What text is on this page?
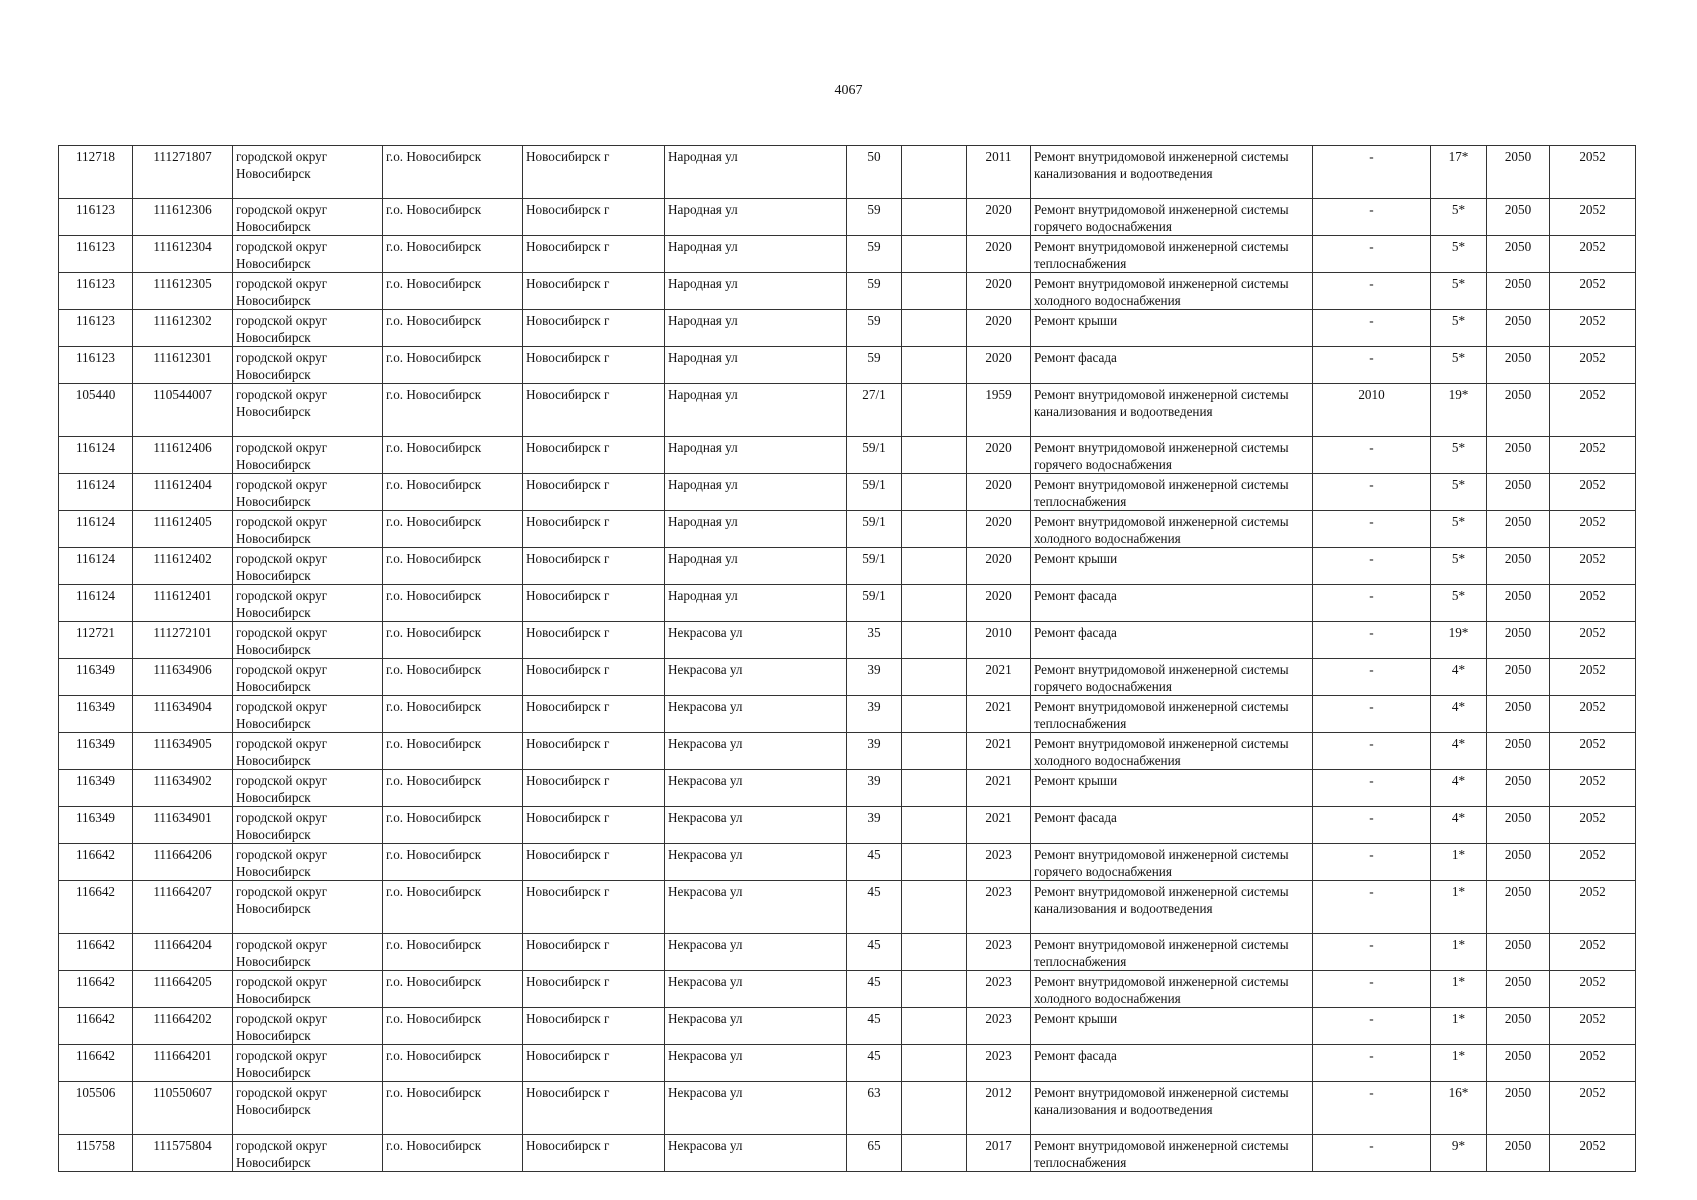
4067
112718	111271807	городской округ Новосибирск	г.о. Новосибирск	Новосибирск г	Народная ул	50		2011	Ремонт внутридомовой инженерной системы канализования и водоотведения	-	17*	2050	2052
116123	111612306	городской округ Новосибирск	г.о. Новосибирск	Новосибирск г	Народная ул	59		2020	Ремонт внутридомовой инженерной системы горячего водоснабжения	-	5*	2050	2052
116123	111612304	городской округ Новосибирск	г.о. Новосибирск	Новосибирск г	Народная ул	59		2020	Ремонт внутридомовой инженерной системы теплоснабжения	-	5*	2050	2052
116123	111612305	городской округ Новосибирск	г.о. Новосибирск	Новосибирск г	Народная ул	59		2020	Ремонт внутридомовой инженерной системы холодного водоснабжения	-	5*	2050	2052
116123	111612302	городской округ Новосибирск	г.о. Новосибирск	Новосибирск г	Народная ул	59		2020	Ремонт крыши	-	5*	2050	2052
116123	111612301	городской округ Новосибирск	г.о. Новосибирск	Новосибирск г	Народная ул	59		2020	Ремонт фасада	-	5*	2050	2052
105440	110544007	городской округ Новосибирск	г.о. Новосибирск	Новосибирск г	Народная ул	27/1		1959	Ремонт внутридомовой инженерной системы канализования и водоотведения	2010	19*	2050	2052
116124	111612406	городской округ Новосибирск	г.о. Новосибирск	Новосибирск г	Народная ул	59/1		2020	Ремонт внутридомовой инженерной системы горячего водоснабжения	-	5*	2050	2052
116124	111612404	городской округ Новосибирск	г.о. Новосибирск	Новосибирск г	Народная ул	59/1		2020	Ремонт внутридомовой инженерной системы теплоснабжения	-	5*	2050	2052
116124	111612405	городской округ Новосибирск	г.о. Новосибирск	Новосибирск г	Народная ул	59/1		2020	Ремонт внутридомовой инженерной системы холодного водоснабжения	-	5*	2050	2052
116124	111612402	городской округ Новосибирск	г.о. Новосибирск	Новосибирск г	Народная ул	59/1		2020	Ремонт крыши	-	5*	2050	2052
116124	111612401	городской округ Новосибирск	г.о. Новосибирск	Новосибирск г	Народная ул	59/1		2020	Ремонт фасада	-	5*	2050	2052
112721	111272101	городской округ Новосибирск	г.о. Новосибирск	Новосибирск г	Некрасова ул	35		2010	Ремонт фасада	-	19*	2050	2052
116349	111634906	городской округ Новосибирск	г.о. Новосибирск	Новосибирск г	Некрасова ул	39		2021	Ремонт внутридомовой инженерной системы горячего водоснабжения	-	4*	2050	2052
116349	111634904	городской округ Новосибирск	г.о. Новосибирск	Новосибирск г	Некрасова ул	39		2021	Ремонт внутридомовой инженерной системы теплоснабжения	-	4*	2050	2052
116349	111634905	городской округ Новосибирск	г.о. Новосибирск	Новосибирск г	Некрасова ул	39		2021	Ремонт внутридомовой инженерной системы холодного водоснабжения	-	4*	2050	2052
116349	111634902	городской округ Новосибирск	г.о. Новосибирск	Новосибирск г	Некрасова ул	39		2021	Ремонт крыши	-	4*	2050	2052
116349	111634901	городской округ Новосибирск	г.о. Новосибирск	Новосибирск г	Некрасова ул	39		2021	Ремонт фасада	-	4*	2050	2052
116642	111664206	городской округ Новосибирск	г.о. Новосибирск	Новосибирск г	Некрасова ул	45		2023	Ремонт внутридомовой инженерной системы горячего водоснабжения	-	1*	2050	2052
116642	111664207	городской округ Новосибирск	г.о. Новосибирск	Новосибирск г	Некрасова ул	45		2023	Ремонт внутридомовой инженерной системы канализования и водоотведения	-	1*	2050	2052
116642	111664204	городской округ Новосибирск	г.о. Новосибирск	Новосибирск г	Некрасова ул	45		2023	Ремонт внутридомовой инженерной системы теплоснабжения	-	1*	2050	2052
116642	111664205	городской округ Новосибирск	г.о. Новосибирск	Новосибирск г	Некрасова ул	45		2023	Ремонт внутридомовой инженерной системы холодного водоснабжения	-	1*	2050	2052
116642	111664202	городской округ Новосибирск	г.о. Новосибирск	Новосибирск г	Некрасова ул	45		2023	Ремонт крыши	-	1*	2050	2052
116642	111664201	городской округ Новосибирск	г.о. Новосибирск	Новосибирск г	Некрасова ул	45		2023	Ремонт фасада	-	1*	2050	2052
105506	110550607	городской округ Новосибирск	г.о. Новосибирск	Новосибирск г	Некрасова ул	63		2012	Ремонт внутридомовой инженерной системы канализования и водоотведения	-	16*	2050	2052
115758	111575804	городской округ Новосибирск	г.о. Новосибирск	Новосибирск г	Некрасова ул	65		2017	Ремонт внутридомовой инженерной системы теплоснабжения	-	9*	2050	2052
